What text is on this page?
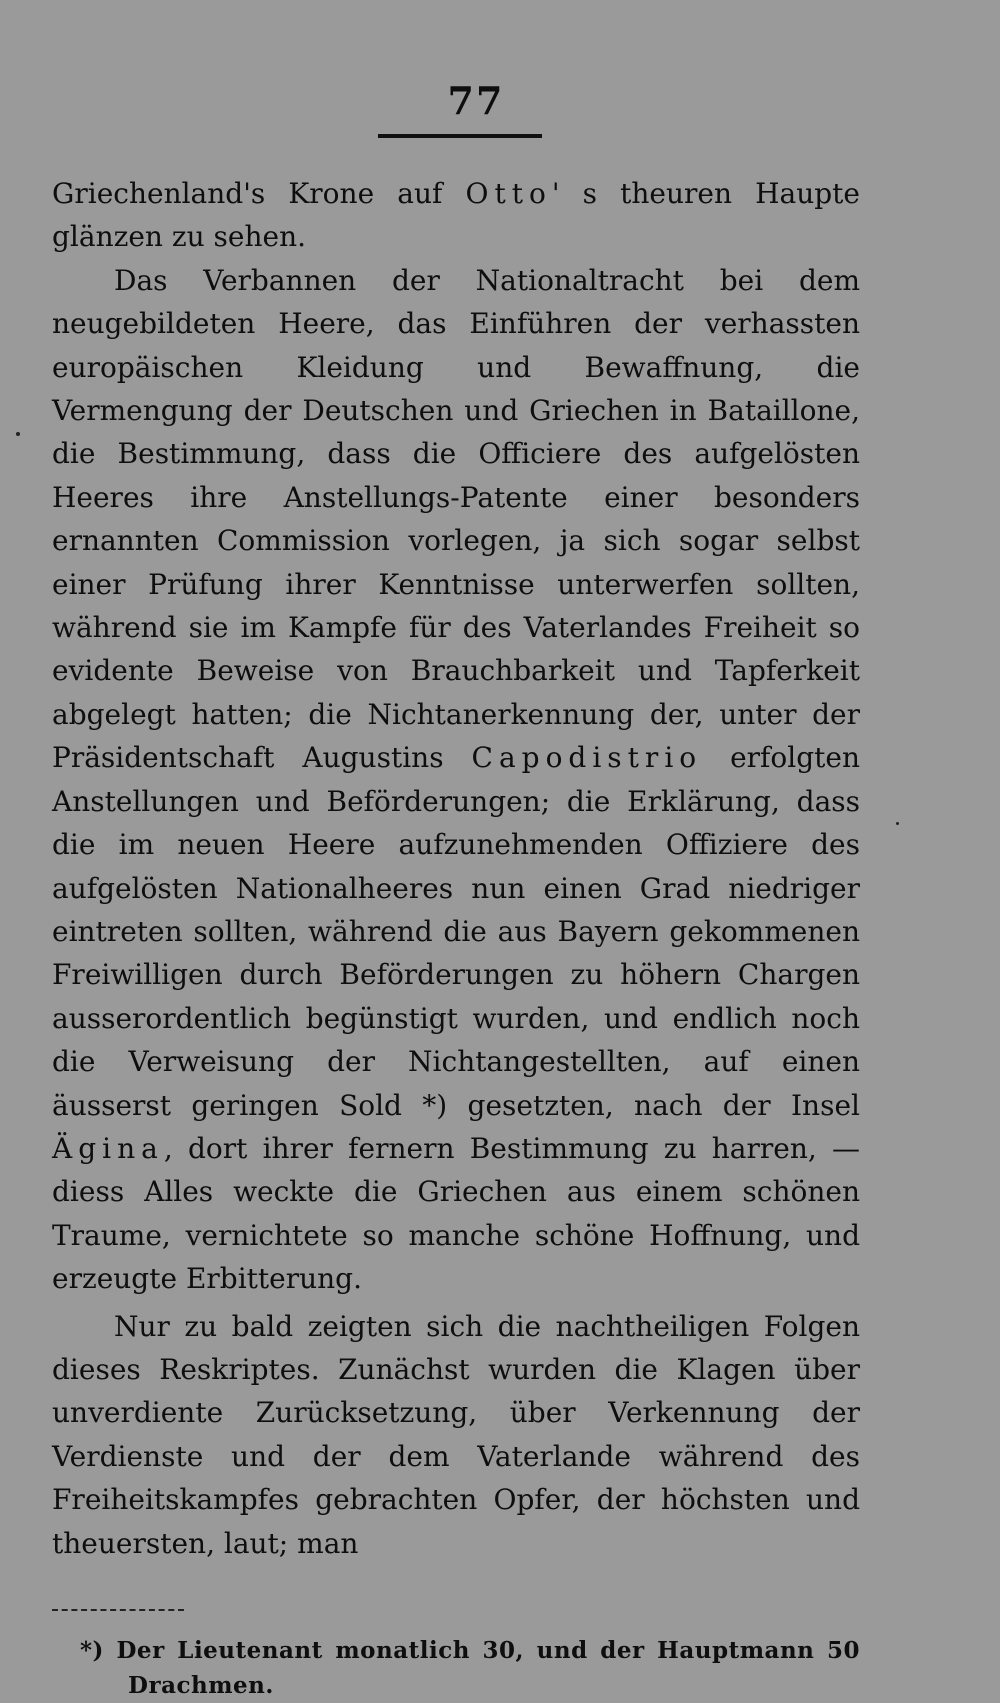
77

Griechenland's Krone auf Otto' s theuren Haupte glänzen zu sehen.

Das Verbannen der Nationaltracht bei dem neugebildeten Heere, das Einführen der verhassten europäischen Kleidung und Bewaffnung, die Vermengung der Deutschen und Griechen in Bataillone, die Bestimmung, dass die Officiere des aufgelösten Heeres ihre Anstellungs-Patente einer besonders ernannten Commission vorlegen, ja sich sogar selbst einer Prüfung ihrer Kenntnisse unterwerfen sollten, während sie im Kampfe für des Vaterlandes Freiheit so evidente Beweise von Brauchbarkeit und Tapferkeit abgelegt hatten; die Nichtanerkennung der, unter der Präsidentschaft Augustins Capodistrio erfolgten Anstellungen und Beförderungen; die Erklärung, dass die im neuen Heere aufzunehmenden Offiziere des aufgelösten Nationalheeres nun einen Grad niedriger eintreten sollten, während die aus Bayern gekommenen Freiwilligen durch Beförderungen zu höhern Chargen ausserordentlich begünstigt wurden, und endlich noch die Verweisung der Nichtangestellten, auf einen äusserst geringen Sold *) gesetzten, nach der Insel Ägina, dort ihrer fernern Bestimmung zu harren, — diess Alles weckte die Griechen aus einem schönen Traume, vernichtete so manche schöne Hoffnung, und erzeugte Erbitterung.

Nur zu bald zeigten sich die nachtheiligen Folgen dieses Reskriptes. Zunächst wurden die Klagen über unverdiente Zurücksetzung, über Verkennung der Verdienste und der dem Vaterlande während des Freiheitskampfes gebrachten Opfer, der höchsten und theuersten, laut; man

*) Der Lieutenant monatlich 30, und der Hauptmann 50 Drachmen.
